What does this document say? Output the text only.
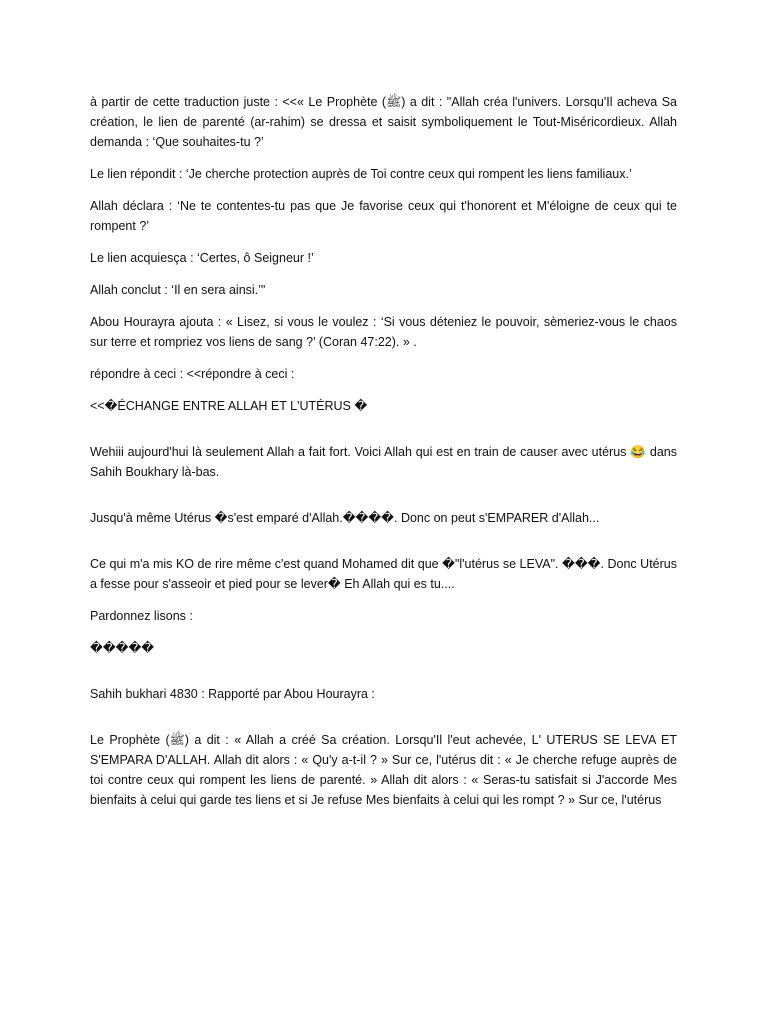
à partir de cette traduction juste : <<« Le Prophète (ﷺ) a dit : "Allah créa l'univers. Lorsqu'Il acheva Sa création, le lien de parenté (ar-rahim) se dressa et saisit symboliquement le Tout-Miséricordieux. Allah demanda : ‘Que souhaites-tu ?’

Le lien répondit : ‘Je cherche protection auprès de Toi contre ceux qui rompent les liens familiaux.’

Allah déclara : ‘Ne te contentes-tu pas que Je favorise ceux qui t'honorent et M'éloigne de ceux qui te rompent ?’

Le lien acquiesça : ‘Certes, ô Seigneur !’

Allah conclut : ‘Il en sera ainsi.’"

Abou Hourayra ajouta : « Lisez, si vous le voulez : ‘Si vous déteniez le pouvoir, sèmeriez-vous le chaos sur terre et rompriez vos liens de sang ?’ (Coran 47:22). » .

répondre à ceci : <<répondre à ceci :

<<�ÉCHANGE ENTRE ALLAH ET L'UTÉRUS �

Wehiii aujourd'hui là seulement Allah a fait fort. Voici Allah qui est en train de causer avec utérus 😂 dans Sahih Boukhary là-bas.

Jusqu'à même Utérus �s'est emparé d'Allah.����. Donc on peut s'EMPARER d'Allah...

Ce qui m'a mis KO de rire même c'est quand Mohamed dit que �"l'utérus se LEVA". ���. Donc Utérus a fesse pour s'asseoir et pied pour se lever� Eh Allah qui es tu....

Pardonnez lisons :

�����

Sahih bukhari 4830 : Rapporté par Abou Hourayra :

Le Prophète (ﷺ) a dit : « Allah a créé Sa création. Lorsqu'Il l'eut achevée, L' UTERUS SE LEVA ET S'EMPARA D'ALLAH. Allah dit alors : « Qu'y a-t-il ? » Sur ce, l'utérus dit : « Je cherche refuge auprès de toi contre ceux qui rompent les liens de parenté. » Allah dit alors : « Seras-tu satisfait si J'accorde Mes bienfaits à celui qui garde tes liens et si Je refuse Mes bienfaits à celui qui les rompt ? » Sur ce, l'utérus
